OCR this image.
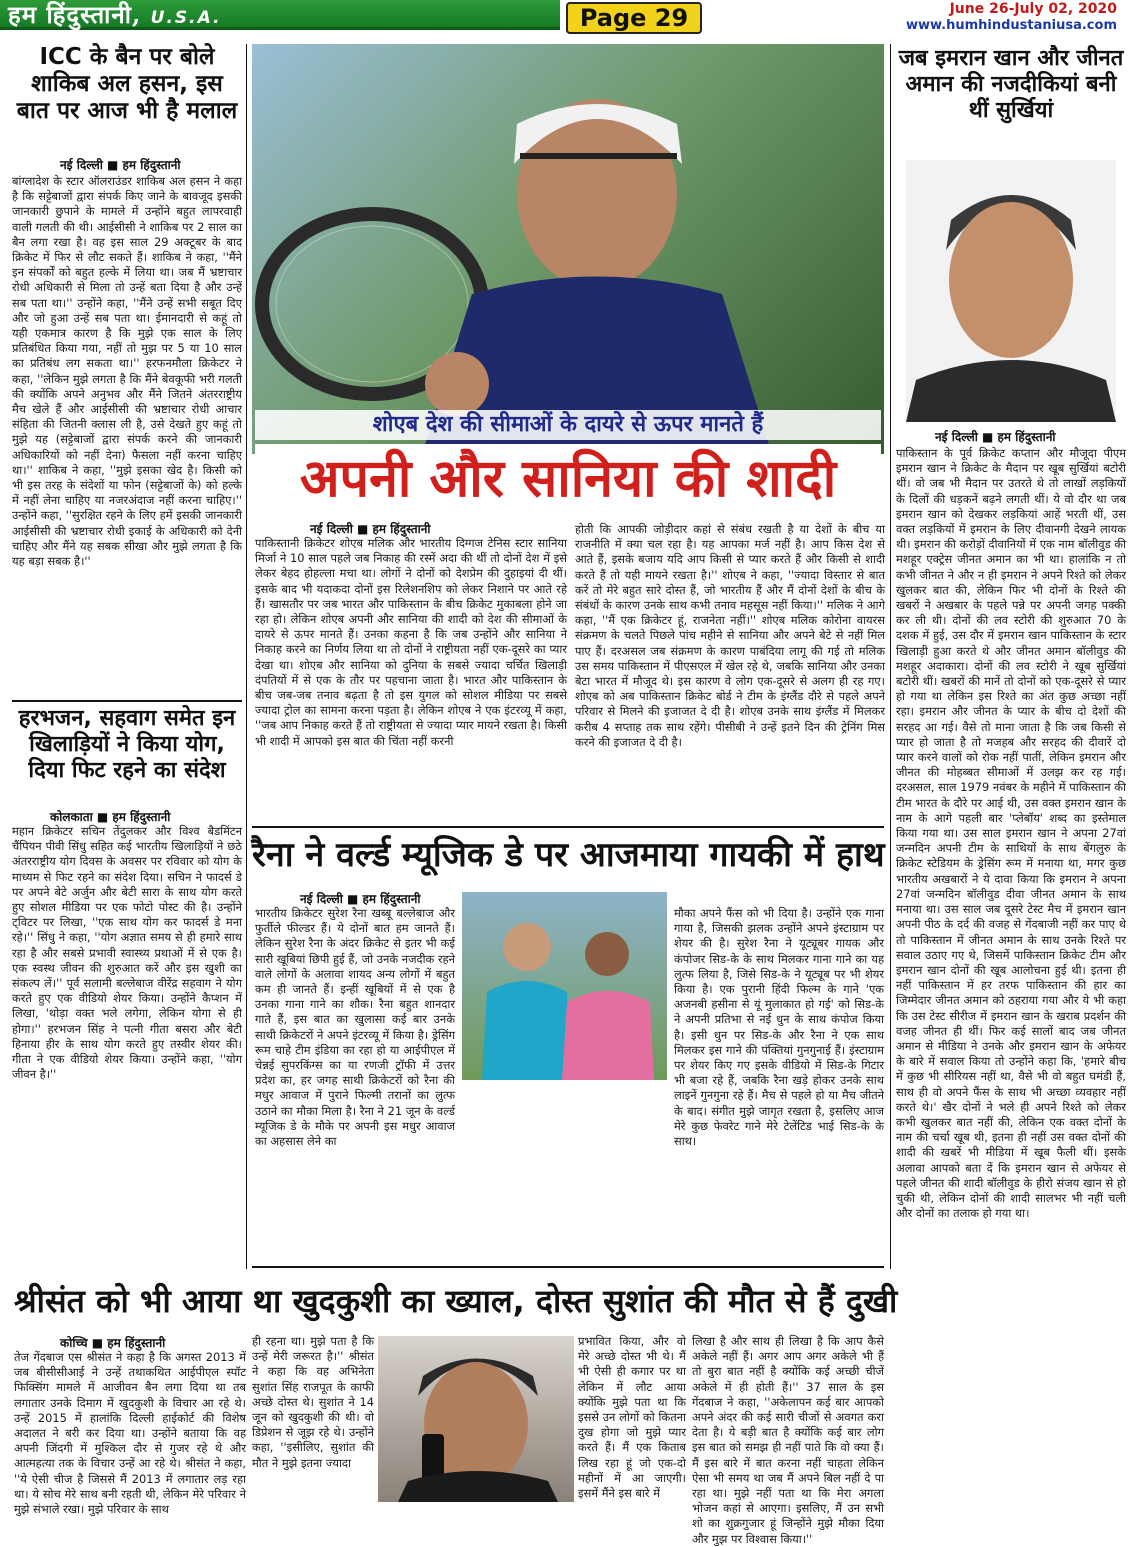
हम हिंदुस्तानी, U.S.A.	Page 29	June 26-July 02, 2020
www.humhindustaniusa.com
ICC के बैन पर बोले शाकिब अल हसन, इस बात पर आज भी है मलाल
नई दिल्ली ■ हम हिंदुस्तानी
बांग्लादेश के स्टार ऑलराउंडर शाकिब अल हसन ने कहा है कि सट्टेबाजों द्वारा संपर्क किए जाने के बावजूद इसकी जानकारी छुपाने के मामले में उन्होंने बहुत लापरवाही वाली गलती की थी। आईसीसी ने शाकिब पर 2 साल का बैन लगा रखा है। वह इस साल 29 अक्टूबर के बाद क्रिकेट में फिर से लौट सकते हैं। शाकिब ने कहा, ''मैंने इन संपर्कों को बहुत हल्के में लिया था। जब मैं भ्रष्टाचार रोधी अधिकारी से मिला तो उन्हें बता दिया है और उन्हें सब पता था।'' उन्होंने कहा, ''मैंने उन्हें सभी सबूत दिए और जो हुआ उन्हें सब पता था। ईमानदारी से कहूं तो यही एकमात्र कारण है कि मुझे एक साल के लिए प्रतिबंधित किया गया, नहीं तो मुझ पर 5 या 10 साल का प्रतिबंध लग सकता था।'' हरफनमौला क्रिकेटर ने कहा, ''लेकिन मुझे लगता है कि मैंने बेवकूफी भरी गलती की क्योंकि अपने अनुभव और मैंने जितने अंतरराष्ट्रीय मैच खेले हैं और आईसीसी की भ्रष्टाचार रोधी आचार संहिता की जितनी क्लास ली है, उसे देखते हुए कहूं तो मुझे यह (सट्टेबाजों द्वारा संपर्क करने की जानकारी अधिकारियों को नहीं देना) फैसला नहीं करना चाहिए था।'' शाकिब ने कहा, ''मुझे इसका खेद है। किसी को भी इस तरह के संदेशों या फोन (सट्टेबाजों के) को हल्के में नहीं लेना चाहिए या नजरअंदाज नहीं करना चाहिए।'' उन्होंने कहा, ''सुरक्षित रहने के लिए हमें इसकी जानकारी आईसीसी की भ्रष्टाचार रोधी इकाई के अधिकारी को देनी चाहिए और मैंने यह सबक सीखा और मुझे लगता है कि यह बड़ा सबक है।''
हरभजन, सहवाग समेत इन खिलाड़ियों ने किया योग, दिया फिट रहने का संदेश
कोलकाता ■ हम हिंदुस्तानी
महान क्रिकेटर सचिन तेंदुलकर और विश्व बैडमिंटन चैंपियन पीवी सिंधु सहित कई भारतीय खिलाड़ियों ने छठे अंतरराष्ट्रीय योग दिवस के अवसर पर रविवार को योग के माध्यम से फिट रहने का संदेश दिया। सचिन ने फादर्स डे पर अपने बेटे अर्जुन और बेटी सारा के साथ योग करते हुए सोशल मीडिया पर एक फोटो पोस्ट की है। उन्होंने ट्विटर पर लिखा, ''एक साथ योग कर फादर्स डे मना रहे।'' सिंधु ने कहा, ''योग अज्ञात समय से ही हमारे साथ रहा है और सबसे प्रभावी स्वास्थ्य प्रथाओं में से एक है। एक स्वस्थ जीवन की शुरुआत करें और इस खुशी का संकल्प लें।'' पूर्व सलामी बल्लेबाज वीरेंद्र सहवाग ने योग करते हुए एक वीडियो शेयर किया। उन्होंने कैप्शन में लिखा, 'थोड़ा वक्त भले लगेगा, लेकिन योगा से ही होगा।'' हरभजन सिंह ने पत्नी गीता बसरा और बेटी हिनाया हीर के साथ योग करते हुए तस्वीर शेयर की। गीता ने एक वीडियो शेयर किया। उन्होंने कहा, ''योग जीवन है।''
शोएब देश की सीमाओं के दायरे से ऊपर मानते हैं
अपनी और सानिया की शादी
नई दिल्ली ■ हम हिंदुस्तानी
पाकिस्तानी क्रिकेटर शोएब मलिक और भारतीय दिग्गज टेनिस स्टार सानिया मिर्जा ने 10 साल पहले जब निकाह की रस्में अदा की थीं तो दोनों देश में इसे लेकर बेहद होहल्ला मचा था। लोगों ने दोनों को देशप्रेम की दुहाइयां दी थीं। इसके बाद भी यदाकदा दोनों इस रिलेशनशिप को लेकर निशाने पर आते रहे हैं। खासतौर पर जब भारत और पाकिस्तान के बीच क्रिकेट मुकाबला होने जा रहा हो। लेकिन शोएब अपनी और सानिया की शादी को देश की सीमाओं के दायरे से ऊपर मानते हैं। उनका कहना है कि जब उन्होंने और सानिया ने निकाह करने का निर्णय लिया था तो दोनों ने राष्ट्रीयता नहीं एक-दूसरे का प्यार देखा था। शोएब और सानिया को दुनिया के सबसे ज्यादा चर्चित खिलाड़ी दंपतियों में से एक के तौर पर पहचाना जाता है। भारत और पाकिस्तान के बीच जब-जब तनाव बढ़ता है तो इस युगल को सोशल मीडिया पर सबसे ज्यादा ट्रोल का सामना करना पड़ता है। लेकिन शोएब ने एक इंटरव्यू में कहा, ''जब आप निकाह करते हैं तो राष्ट्रीयता से ज्यादा प्यार मायने रखता है। किसी भी शादी में आपको इस बात की चिंता नहीं करनी
होती कि आपकी जोड़ीदार कहां से संबंध रखती है या देशों के बीच या राजनीति में क्या चल रहा है। यह आपका मर्ज नहीं है। आप किस देश से आते हैं, इसके बजाय यदि आप किसी से प्यार करते हैं और किसी से शादी करते हैं तो यही मायने रखता है।'' शोएब ने कहा, ''ज्यादा विस्तार से बात करें तो मेरे बहुत सारे दोस्त हैं, जो भारतीय हैं और मैं दोनों देशों के बीच के संबंधों के कारण उनके साथ कभी तनाव महसूस नहीं किया।'' मलिक ने आगे कहा, ''मैं एक क्रिकेटर हूं, राजनेता नहीं।'' शोएब मलिक कोरोना वायरस संक्रमण के चलते पिछले पांच महीने से सानिया और अपने बेटे से नहीं मिल पाए हैं। दरअसल जब संक्रमण के कारण पाबंदिया लागू की गई तो मलिक उस समय पाकिस्तान में पीएसएल में खेल रहे थे, जबकि सानिया और उनका बेटा भारत में मौजूद थे। इस कारण वे लोग एक-दूसरे से अलग ही रह गए। शोएब को अब पाकिस्तान क्रिकेट बोर्ड ने टीम के इंग्लैंड दौरे से पहले अपने परिवार से मिलने की इजाजत दे दी है। शोएब उनके साथ इंग्लैंड में मिलकर करीब 4 सप्ताह तक साथ रहेंगे। पीसीबी ने उन्हें इतने दिन की ट्रेनिंग मिस करने की इजाजत दे दी है।
रैना ने वर्ल्ड म्यूजिक डे पर आजमाया गायकी में हाथ
नई दिल्ली ■ हम हिंदुस्तानी
भारतीय क्रिकेटर सुरेश रैना खब्बू बल्लेबाज और फुर्तीले फील्डर हैं। ये दोनों बात हम जानते हैं। लेकिन सुरेश रैना के अंदर क्रिकेट से इतर भी कई सारी खूबियां छिपी हुई हैं, जो उनके नजदीक रहने वाले लोगों के अलावा शायद अन्य लोगों में बहुत कम ही जानते हैं। इन्हीं खूबियों में से एक है उनका गाना गाने का शौक। रैना बहुत शानदार गाते हैं, इस बात का खुलासा कई बार उनके साथी क्रिकेटरों ने अपने इंटरव्यू में किया है। ड्रेसिंग रूम चाहे टीम इंडिया का रहा हो या आईपीएल में चेन्नई सुपरकिंग्स का या रणजी ट्रॉफी में उत्तर प्रदेश का, हर जगह साथी क्रिकेटरों को रैना की मधुर आवाज में पुराने फिल्मी तरानों का लुत्फ उठाने का मौका मिला है। रैना ने 21 जून के वर्ल्ड म्यूजिक डे के मौके पर अपनी इस मधुर आवाज का अहसास लेने का
मौका अपने फैंस को भी दिया है। उन्होंने एक गाना गाया है, जिसकी झलक उन्होंने अपने इंस्टाग्राम पर शेयर की है। सुरेश रैना ने यूट्यूबर गायक और कंपोजर सिड-के के साथ मिलकर गाना गाने का यह लुत्फ लिया है, जिसे सिड-के ने यूट्यूब पर भी शेयर किया है। एक पुरानी हिंदी फिल्म के गाने 'एक अजनबी हसीना से यूं मुलाकात हो गई' को सिड-के ने अपनी प्रतिभा से नई धुन के साथ कंपोज किया है। इसी धुन पर सिड-के और रैना ने एक साथ मिलकर इस गाने की पंक्तियां गुनगुनाई हैं। इंस्टाग्राम पर शेयर किए गए इसके वीडियो में सिड-के गिटार भी बजा रहे हैं, जबकि रैना खड़े होकर उनके साथ लाइनें गुनगुना रहे हैं। मैच से पहले हो या मैच जीतने के बाद। संगीत मुझे जागृत रखता है, इसलिए आज मेरे कुछ फेवरेट गाने मेरे टेलेंटिड भाई सिड-के के साथ।
जब इमरान खान और जीनत अमान की नजदीकियां बनी थीं सुर्खियां
नई दिल्ली ■ हम हिंदुस्तानी
पाकिस्तान के पूर्व क्रिकेट कप्तान और मौजूदा पीएम इमरान खान ने क्रिकेट के मैदान पर खूब सुर्खियां बटोरी थीं। वो जब भी मैदान पर उतरते थे तो लाखों लड़कियों के दिलों की धड़कनें बढ़ने लगती थीं। ये वो दौर था जब इमरान खान को देखकर लड़कियां आहें भरती थीं, उस वक्त लड़कियों में इमरान के लिए दीवानगी देखने लायक थी। इमरान की करोड़ों दीवानियों में एक नाम बॉलीवुड की मशहूर एक्ट्रेस जीनत अमान का भी था। हालांकि न तो कभी जीनत ने और न ही इमरान ने अपने रिश्ते को लेकर खुलकर बात की, लेकिन फिर भी दोनों के रिश्ते की खबरों ने अखबार के पहले पन्ने पर अपनी जगह पक्की कर ली थी। दोनों की लव स्टोरी की शुरुआत 70 के दशक में हुई, उस दौर में इमरान खान पाकिस्तान के स्टार खिलाड़ी हुआ करते थे और जीनत अमान बॉलीवुड की मशहूर अदाकारा। दोनों की लव स्टोरी ने खूब सुर्खियां बटोरी थीं। खबरों की मानें तो दोनों को एक-दूसरे से प्यार हो गया था लेकिन इस रिश्ते का अंत कुछ अच्छा नहीं रहा। इमरान और जीनत के प्यार के बीच दो देशों की सरहद आ गई। वैसे तो माना जाता है कि जब किसी से प्यार हो जाता है तो मजहब और सरहद की दीवारें दो प्यार करने वालों को रोक नहीं पातीं, लेकिन इमरान और जीनत की मोहब्बत सीमाओं में उलझ कर रह गई। दरअसल, साल 1979 नवंबर के महीने में पाकिस्तान की टीम भारत के दौरे पर आई थी, उस वक्त इमरान खान के नाम के आगे पहली बार 'प्लेबॉय' शब्द का इस्तेमाल किया गया था। उस साल इमरान खान ने अपना 27वां जन्मदिन अपनी टीम के साथियों के साथ बेंगलुरु के क्रिकेट स्टेडियम के ड्रेसिंग रूम में मनाया था, मगर कुछ भारतीय अखबारों ने ये दावा किया कि इमरान ने अपना 27वां जन्मदिन बॉलीवुड दीवा जीनत अमान के साथ मनाया था। उस साल जब दूसरे टेस्ट मैच में इमरान खान अपनी पीठ के दर्द की वजह से गेंदबाजी नहीं कर पाए थे तो पाकिस्तान में जीनत अमान के साथ उनके रिश्ते पर सवाल उठाए गए थे, जिसमें पाकिस्तान क्रिकेट टीम और इमरान खान दोनों की खूब आलोचना हुई थी। इतना ही नहीं पाकिस्तान में हर तरफ पाकिस्तान की हार का जिम्मेदार जीनत अमान को ठहराया गया और ये भी कहा कि उस टेस्ट सीरीज में इमरान खान के खराब प्रदर्शन की वजह जीनत ही थीं। फिर कई सालों बाद जब जीनत अमान से मीडिया ने उनके और इमरान खान के अफेयर के बारे में सवाल किया तो उन्होंने कहा कि, 'हमारे बीच में कुछ भी सीरियस नहीं था, वैसे भी वो बहुत घमंडी हैं, साथ ही वो अपने फैंस के साथ भी अच्छा व्यवहार नहीं करते थे।' खैर दोनों ने भले ही अपने रिश्ते को लेकर कभी खुलकर बात नहीं की, लेकिन एक वक्त दोनों के नाम की चर्चा खूब थी, इतना ही नहीं उस वक्त दोनों की शादी की खबरें भी मीडिया में खूब फैली थीं। इसके अलावा आपको बता दें कि इमरान खान से अफेयर से पहले जीनत की शादी बॉलीवुड के हीरो संजय खान से हो चुकी थी, लेकिन दोनों की शादी सालभर भी नहीं चली और दोनों का तलाक हो गया था।
श्रीसंत को भी आया था खुदकुशी का ख्याल, दोस्त सुशांत की मौत से हैं दुखी
कोच्चि ■ हम हिंदुस्तानी
तेज गेंदबाज एस श्रीसंत ने कहा है कि अगस्त 2013 में जब बीसीसीआई ने उन्हें तथाकथित आईपीएल स्पॉट फिक्सिंग मामले में आजीवन बैन लगा दिया था तब लगातार उनके दिमाग में खुदकुशी के विचार आ रहे थे। उन्हें 2015 में हालांकि दिल्ली हाईकोर्ट की विशेष अदालत ने बरी कर दिया था। उन्होंने बताया कि वह अपनी जिंदगी में मुश्किल दौर से गुजर रहे थे और आत्महत्या तक के विचार उन्हें आ रहे थे। श्रीसंत ने कहा, ''ये ऐसी चीज है जिससे मैं 2013 में लगातार लड़ रहा था। ये सोच मेरे साथ बनी रहती थी, लेकिन मेरे परिवार ने मुझे संभाले रखा। मुझे परिवार के साथ
ही रहना था। मुझे पता है कि उन्हें मेरी जरूरत है।'' श्रीसंत ने कहा कि वह अभिनेता सुशांत सिंह राजपूत के काफी अच्छे दोस्त थे। सुशांत ने 14 जून को खुदकुशी की थी। वो डिप्रेशन से जूझ रहे थे। उन्होंने कहा, ''इसीलिए, सुशांत की मौत ने मुझे इतना ज्यादा
प्रभावित किया, और वो मेरे अच्छे दोस्त भी थे। मैं भी ऐसी ही कगार पर था लेकिन में लौट आया क्योंकि मुझे पता था कि इससे उन लोगों को कितना दुख होगा जो मुझे प्यार करते हैं। मैं एक किताब लिख रहा हूं जो एक-दो महीनों में आ जाएगी। इसमें मैंने इस बारे में
लिखा है और साथ ही लिखा है कि आप कैसे अकेले नहीं हैं। अगर आप अगर अकेले भी हैं तो बुरा बात नहीं है क्योंकि कई अच्छी चीजें अकेले में ही होती हैं।'' 37 साल के इस गेंदबाज ने कहा, ''अकेलापन कई बार आपको अपने अंदर की कई सारी चीजों से अवगत करा देता है। ये बड़ी बात है क्योंकि कई बार लोग इस बात को समझ ही नहीं पाते कि वो क्या हैं। मैं इस बारे में बात करना नहीं चाहता लेकिन ऐसा भी समय था जब मैं अपने बिल नहीं दे पा रहा था। मुझे नहीं पता था कि मेरा अगला भोजन कहां से आएगा। इसलिए, मैं उन सभी शो का शुक्रगुजार हूं जिन्होंने मुझे मौका दिया और मुझ पर विश्वास किया।''
